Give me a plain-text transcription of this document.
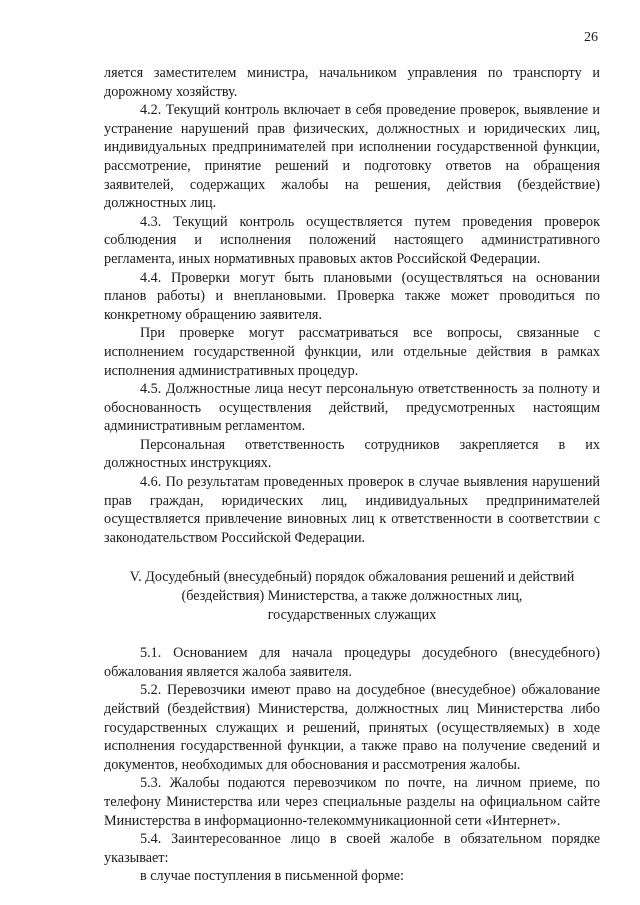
26

ляется заместителем министра, начальником управления по транспорту и дорожному хозяйству.

4.2. Текущий контроль включает в себя проведение проверок, выявление и устранение нарушений прав физических, должностных и юридических лиц, индивидуальных предпринимателей при исполнении государственной функции, рассмотрение, принятие решений и подготовку ответов на обращения заявителей, содержащих жалобы на решения, действия (бездействие) должностных лиц.

4.3. Текущий контроль осуществляется путем проведения проверок соблюдения и исполнения положений настоящего административного регламента, иных нормативных правовых актов Российской Федерации.

4.4. Проверки могут быть плановыми (осуществляться на основании планов работы) и внеплановыми. Проверка также может проводиться по конкретному обращению заявителя.

При проверке могут рассматриваться все вопросы, связанные с исполнением государственной функции, или отдельные действия в рамках исполнения административных процедур.

4.5. Должностные лица несут персональную ответственность за полноту и обоснованность осуществления действий, предусмотренных настоящим административным регламентом.

Персональная ответственность сотрудников закрепляется в их должностных инструкциях.

4.6. По результатам проведенных проверок в случае выявления нарушений прав граждан, юридических лиц, индивидуальных предпринимателей осуществляется привлечение виновных лиц к ответственности в соответствии с законодательством Российской Федерации.

V. Досудебный (внесудебный) порядок обжалования решений и действий
(бездействия) Министерства, а также должностных лиц,
государственных служащих

5.1. Основанием для начала процедуры досудебного (внесудебного) обжалования является жалоба заявителя.

5.2. Перевозчики имеют право на досудебное (внесудебное) обжалование действий (бездействия) Министерства, должностных лиц Министерства либо государственных служащих и решений, принятых (осуществляемых) в ходе исполнения государственной функции, а также право на получение сведений и документов, необходимых для обоснования и рассмотрения жалобы.

5.3. Жалобы подаются перевозчиком по почте, на личном приеме, по телефону Министерства или через специальные разделы на официальном сайте Министерства в информационно-телекоммуникационной сети «Интернет».

5.4. Заинтересованное лицо в своей жалобе в обязательном порядке указывает:

в случае поступления в письменной форме:
